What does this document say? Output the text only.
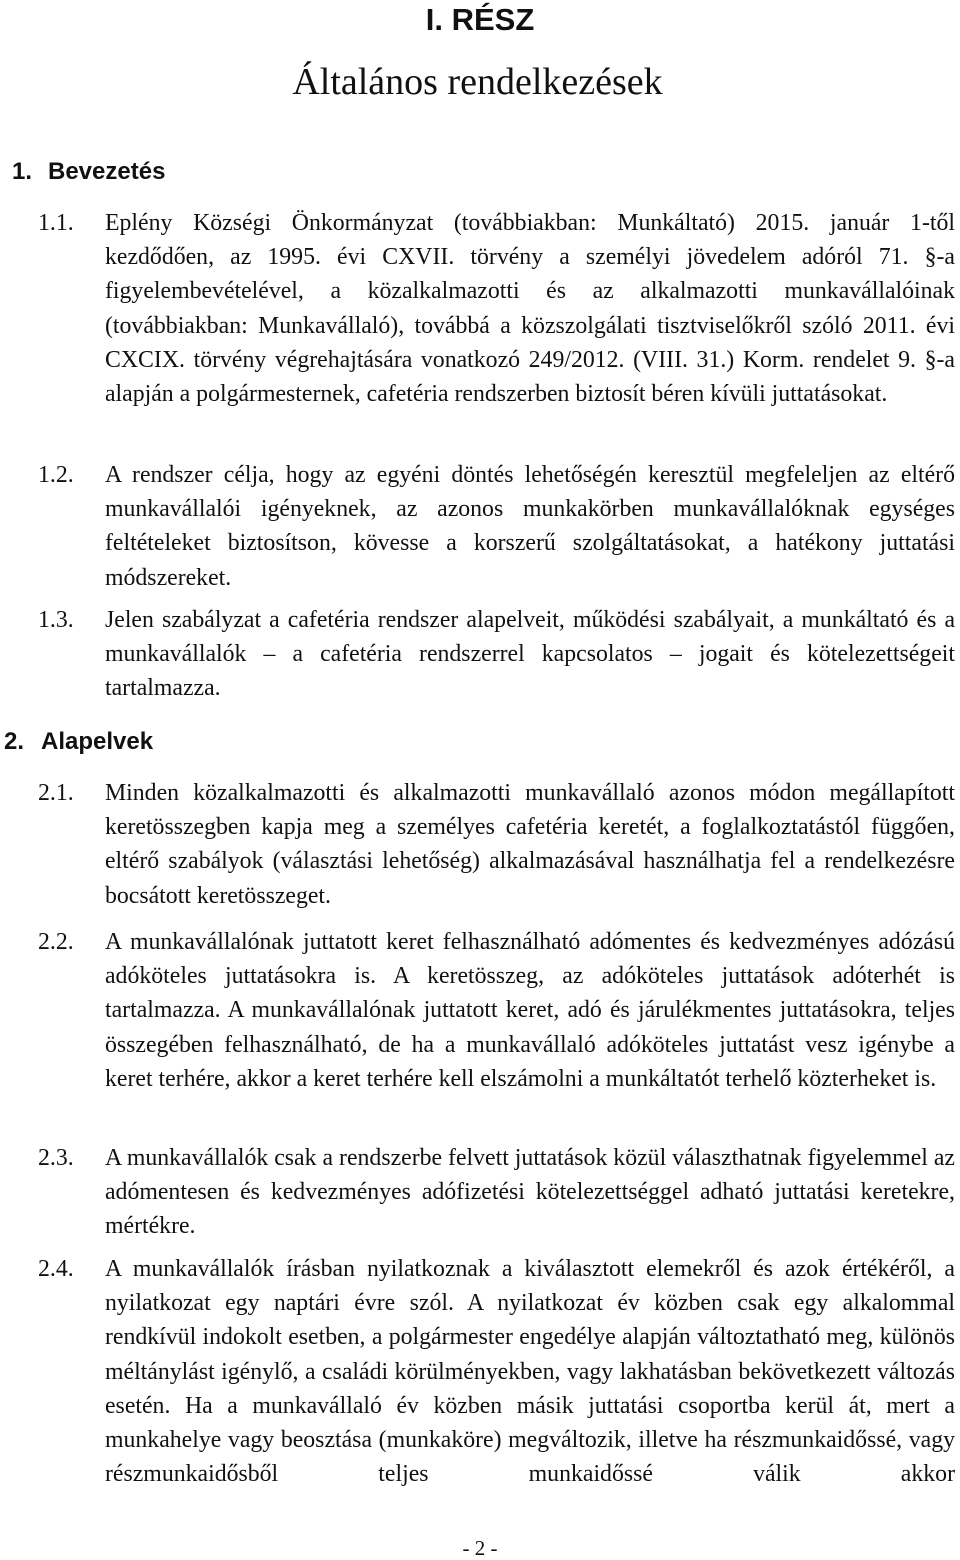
I. RÉSZ
Általános rendelkezések
1. Bevezetés
1.1. Eplény Községi Önkormányzat (továbbiakban: Munkáltató) 2015. január 1-től kezdődően, az 1995. évi CXVII. törvény a személyi jövedelem adóról 71. §-a figyelembevételével, a közalkalmazotti és az alkalmazotti munkavállalóinak (továbbiakban: Munkavállaló), továbbá a közszolgálati tisztviselőkről szóló 2011. évi CXCIX. törvény végrehajtására vonatkozó 249/2012. (VIII. 31.) Korm. rendelet 9. §-a alapján a polgármesternek, cafetéria rendszerben biztosít béren kívüli juttatásokat.
1.2. A rendszer célja, hogy az egyéni döntés lehetőségén keresztül megfeleljen az eltérő munkavállalói igényeknek, az azonos munkakörben munkavállalóknak egységes feltételeket biztosítson, kövesse a korszerű szolgáltatásokat, a hatékony juttatási módszereket.
1.3. Jelen szabályzat a cafetéria rendszer alapelveit, működési szabályait, a munkáltató és a munkavállalók – a cafetéria rendszerrel kapcsolatos – jogait és kötelezettségeit tartalmazza.
2. Alapelvek
2.1. Minden közalkalmazotti és alkalmazotti munkavállaló azonos módon megállapított keretösszegben kapja meg a személyes cafetéria keretét, a foglalkoztatástól függően, eltérő szabályok (választási lehetőség) alkalmazásával használhatja fel a rendelkezésre bocsátott keretösszeget.
2.2. A munkavállalónak juttatott keret felhasználható adómentes és kedvezményes adózású adóköteles juttatásokra is. A keretösszeg, az adóköteles juttatások adóterhét is tartalmazza. A munkavállalónak juttatott keret, adó és járulékmentes juttatásokra, teljes összegében felhasználható, de ha a munkavállaló adóköteles juttatást vesz igénybe a keret terhére, akkor a keret terhére kell elszámolni a munkáltatót terhelő közterheket is.
2.3. A munkavállalók csak a rendszerbe felvett juttatások közül választhatnak figyelemmel az adómentesen és kedvezményes adófizetési kötelezettséggel adható juttatási keretekre, mértékre.
2.4. A munkavállalók írásban nyilatkoznak a kiválasztott elemekről és azok értékéről, a nyilatkozat egy naptári évre szól. A nyilatkozat év közben csak egy alkalommal rendkívül indokolt esetben, a polgármester engedélye alapján változtatható meg, különös méltánylást igénylő, a családi körülményekben, vagy lakhatásban bekövetkezett változás esetén. Ha a munkavállaló év közben másik juttatási csoportba kerül át, mert a munkahelye vagy beosztása (munkaköre) megváltozik, illetve ha részmunkaidőssé, vagy részmunkaidősből teljes munkaidőssé válik akkor
- 2 -
